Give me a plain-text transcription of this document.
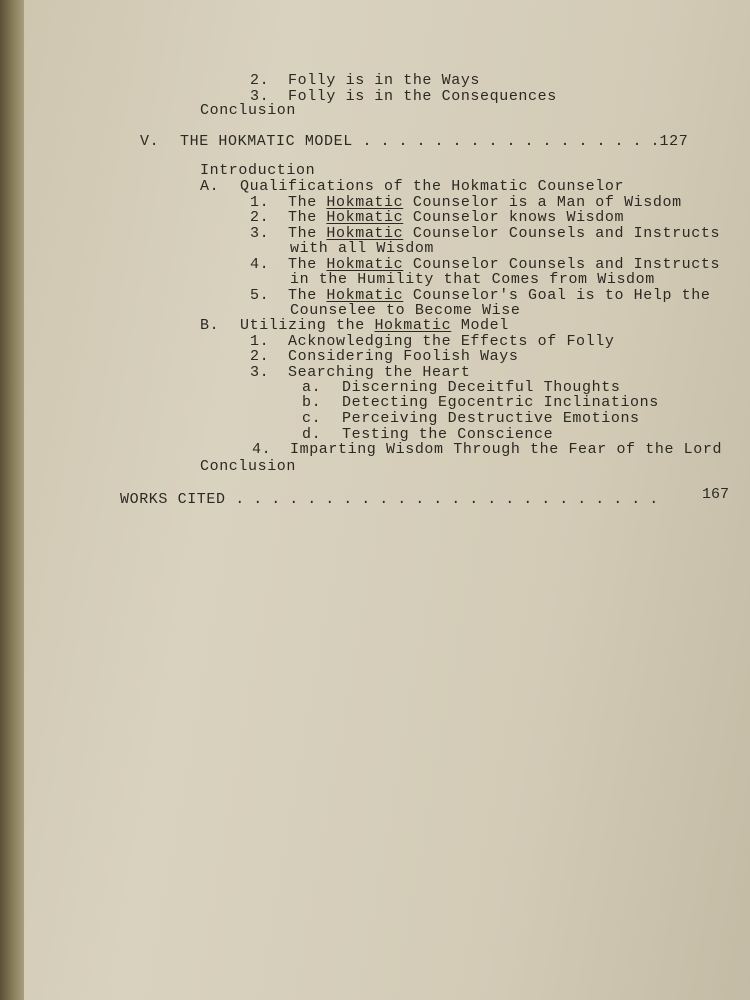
2. Folly is in the Ways
3. Folly is in the Consequences
Conclusion
V. THE HOKMATIC MODEL . . . . . . . . . . . . . . . . .127
Introduction
A. Qualifications of the Hokmatic Counselor
1. The Hokmatic Counselor is a Man of Wisdom
2. The Hokmatic Counselor knows Wisdom
3. The Hokmatic Counselor Counsels and Instructs
with all Wisdom
4. The Hokmatic Counselor Counsels and Instructs
in the Humility that Comes from Wisdom
5. The Hokmatic Counselor's Goal is to Help the
Counselee to Become Wise
B. Utilizing the Hokmatic Model
1. Acknowledging the Effects of Folly
2. Considering Foolish Ways
3. Searching the Heart
a. Discerning Deceitful Thoughts
b. Detecting Egocentric Inclinations
c. Perceiving Destructive Emotions
d. Testing the Conscience
4. Imparting Wisdom Through the Fear of the Lord
Conclusion
WORKS CITED . . . . . . . . . . . . . . . . . . . . . . . .	167
